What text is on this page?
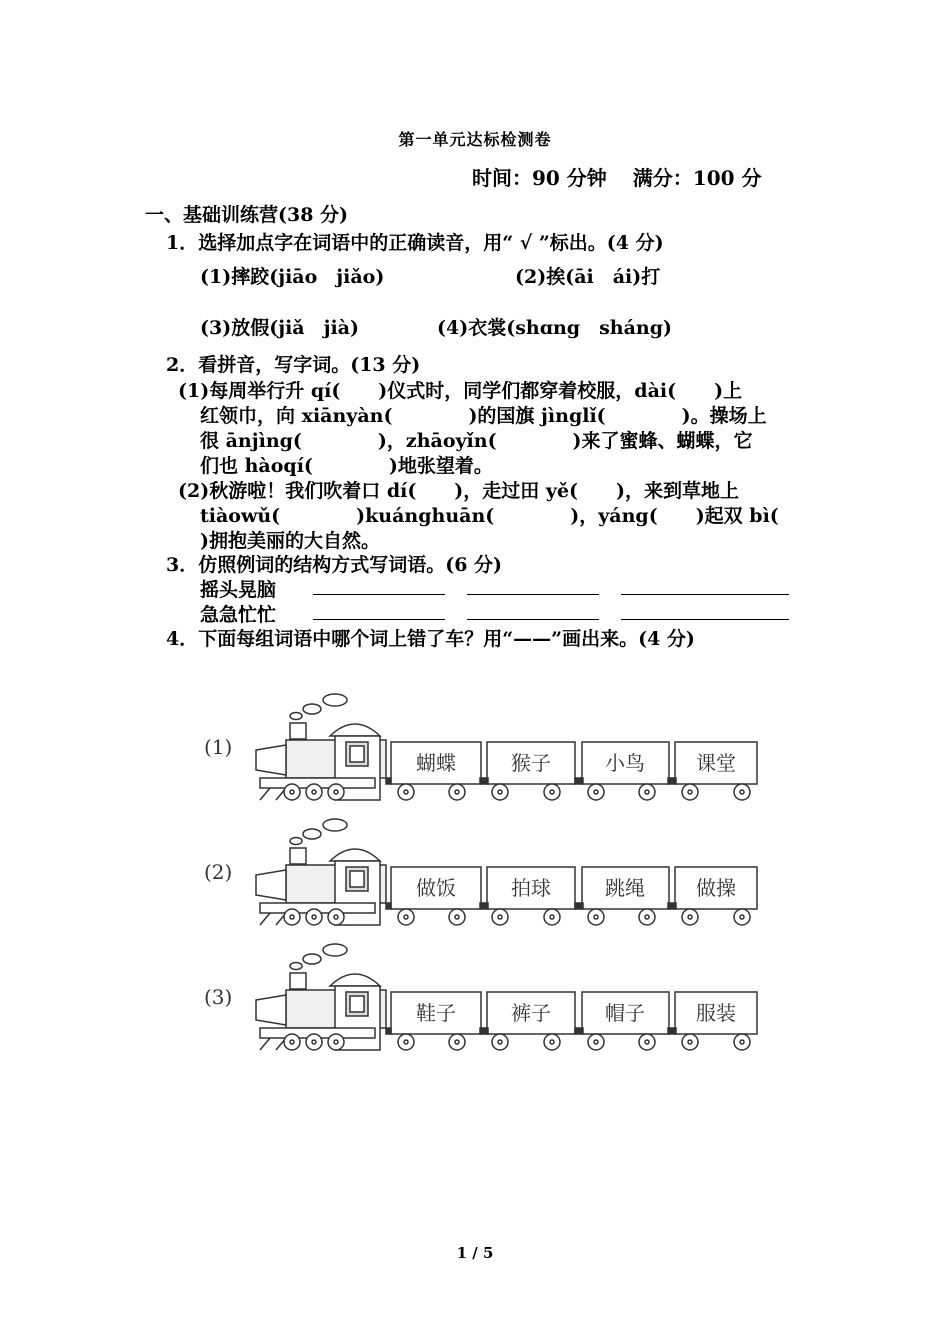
第一单元达标检测卷
时间：90 分钟 满分：100 分
一、基础训练营(38 分)
1．选择加点字在词语中的正确读音，用“ √ ”标出。(4 分)
(1)摔跤(jiāo　jiǎo)	(2)挨(āi　ái)打
(3)放假(jiǎ　jià)	(4)衣裳(shɑng　sháng)
2．看拼音，写字词。(13 分)
(1)每周举行升 qí(　　)仪式时，同学们都穿着校服，dài(　　)上
红领巾，向 xiānyàn(　　　　)的国旗 jìnglǐ(　　　　)。操场上
很 ānjìng(　　　　)，zhāoyǐn(　　　　)来了蜜蜂、蝴蝶，它
们也 hàoqí(　　　　)地张望着。
(2)秋游啦！我们吹着口 dí(　　)，走过田 yě(　　)，来到草地上
tiàowǔ(　　　　)kuánghuān(　　　　)，yáng(　　)起双 bì(
)拥抱美丽的大自然。
3．仿照例词的结构方式写词语。(6 分)
摇头晃脑
急急忙忙
4．下面每组词语中哪个词上错了车？用“——”画出来。(4 分)
(1)
蝴蝶	猴子	小鸟	课堂
(2)
做饭	拍球	跳绳	做操
(3)
鞋子	裤子	帽子	服装
1 / 5
